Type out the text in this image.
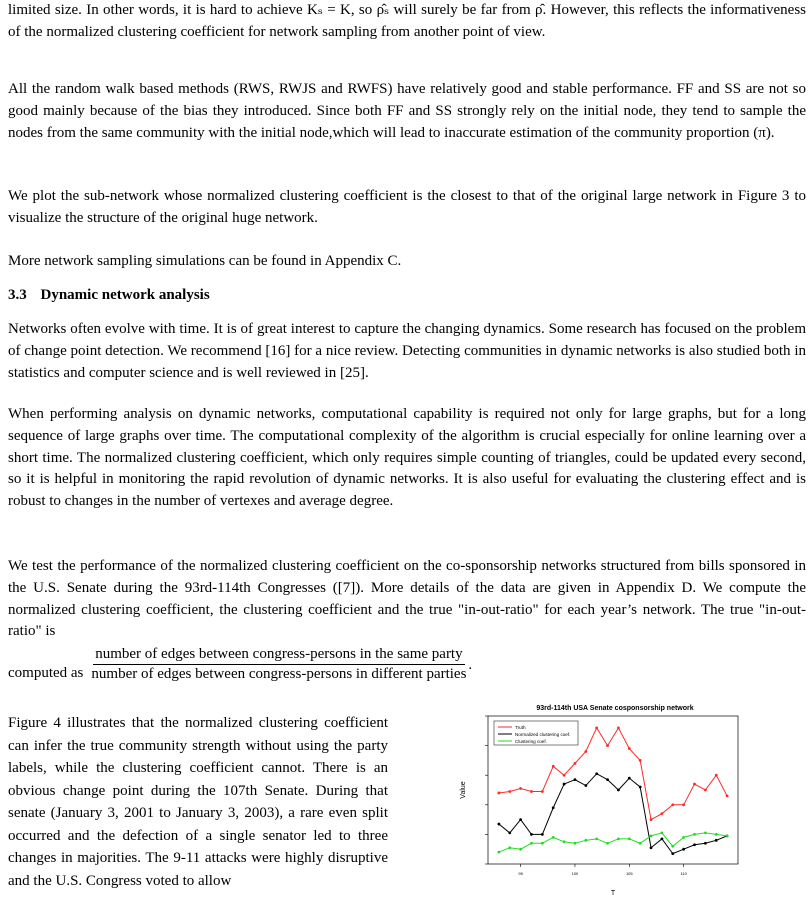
limited size. In other words, it is hard to achieve Kₛ = K, so ρ̂ₛ will surely be far from ρ̂. However, this reflects the informativeness of the normalized clustering coefficient for network sampling from another point of view.

All the random walk based methods (RWS, RWJS and RWFS) have relatively good and stable performance. FF and SS are not so good mainly because of the bias they introduced. Since both FF and SS strongly rely on the initial node, they tend to sample the nodes from the same community with the initial node,which will lead to inaccurate estimation of the community proportion (π).

We plot the sub-network whose normalized clustering coefficient is the closest to that of the original large network in Figure 3 to visualize the structure of the original huge network.

More network sampling simulations can be found in Appendix C.

3.3 Dynamic network analysis

Networks often evolve with time. It is of great interest to capture the changing dynamics. Some research has focused on the problem of change point detection. We recommend [16] for a nice review. Detecting communities in dynamic networks is also studied both in statistics and computer science and is well reviewed in [25].

When performing analysis on dynamic networks, computational capability is required not only for large graphs, but for a long sequence of large graphs over time. The computational complexity of the algorithm is crucial especially for online learning over a short time. The normalized clustering coefficient, which only requires simple counting of triangles, could be updated every second, so it is helpful in monitoring the rapid revolution of dynamic networks. It is also useful for evaluating the clustering effect and is robust to changes in the number of vertexes and average degree.

We test the performance of the normalized clustering coefficient on the co-sponsorship networks structured from bills sponsored in the U.S. Senate during the 93rd-114th Congresses ([7]). More details of the data are given in Appendix D. We compute the normalized clustering coefficient, the clustering coefficient and the true "in-out-ratio" for each year’s network. The true "in-out-ratio" is

computed as
number of edges between congress-persons in the same party
number of edges between congress-persons in different parties
.

Figure 4 illustrates that the normalized clustering coefficient can infer the true community strength without using the party labels, while the clustering coefficient cannot. There is an obvious change point during the 107th Senate. During that senate (January 3, 2001 to January 3, 2003), a rare even split occurred and the defection of a single senator led to three changes in majorities. The 9-11 attacks were highly disruptive and the U.S. Congress voted to allow

93rd-114th USA Senate cosponsorship network
T
Value
95	100	105	110
Truth
Normalized clustering coef.
Clustering coef.
